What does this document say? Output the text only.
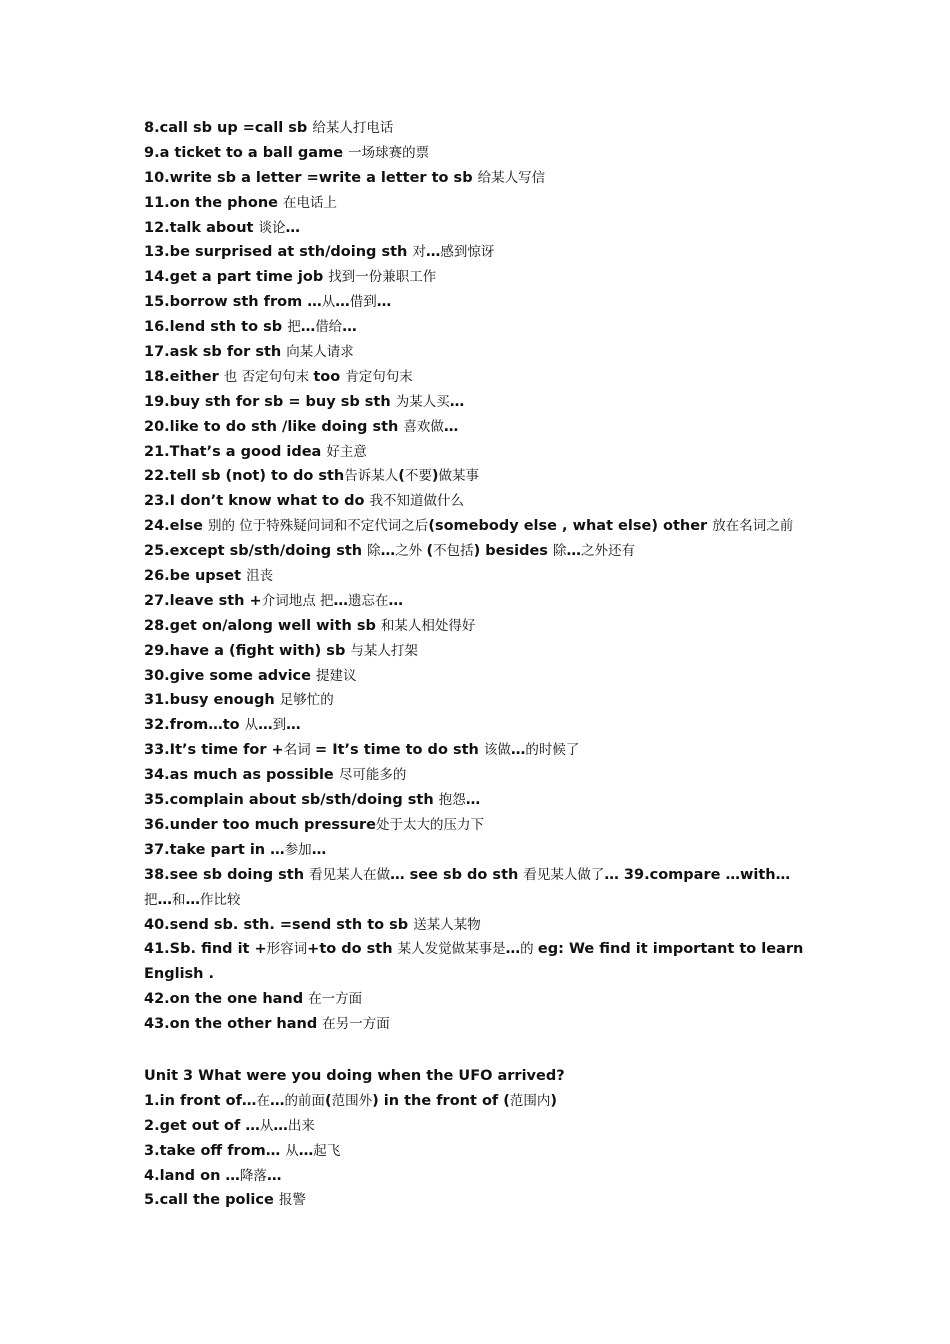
8.call sb up =call sb 给某人打电话
9.a ticket to a ball game 一场球赛的票
10.write sb a letter =write a letter to sb 给某人写信
11.on the phone 在电话上
12.talk about 谈论…
13.be surprised at sth/doing sth 对…感到惊讶
14.get a part time job 找到一份兼职工作
15.borrow sth from …从…借到…
16.lend sth to sb 把…借给…
17.ask sb for sth 向某人请求
18.either 也 否定句句末 too 肯定句句末
19.buy sth for sb = buy sb sth 为某人买…
20.like to do sth /like doing sth 喜欢做…
21.That’s a good idea 好主意
22.tell sb (not) to do sth告诉某人(不要)做某事
23.I don’t know what to do 我不知道做什么
24.else 别的 位于特殊疑问词和不定代词之后(somebody else , what else) other 放在名词之前
25.except sb/sth/doing sth 除…之外 (不包括) besides 除…之外还有
26.be upset 沮丧
27.leave sth +介词地点 把…遗忘在…
28.get on/along well with sb 和某人相处得好
29.have a (fight with) sb 与某人打架
30.give some advice 提建议
31.busy enough 足够忙的
32.from…to 从…到…
33.It’s time for +名词 = It’s time to do sth 该做…的时候了
34.as much as possible 尽可能多的
35.complain about sb/sth/doing sth 抱怨…
36.under too much pressure处于太大的压力下
37.take part in …参加…
38.see sb doing sth 看见某人在做… see sb do sth 看见某人做了… 39.compare …with…
把…和…作比较
40.send sb. sth. =send sth to sb 送某人某物
41.Sb. find it +形容词+to do sth 某人发觉做某事是…的 eg: We find it important to learn
English .
42.on the one hand 在一方面
43.on the other hand 在另一方面
Unit 3 What were you doing when the UFO arrived?
1.in front of…在…的前面(范围外) in the front of (范围内)
2.get out of …从…出来
3.take off from… 从…起飞
4.land on …降落…
5.call the police 报警
